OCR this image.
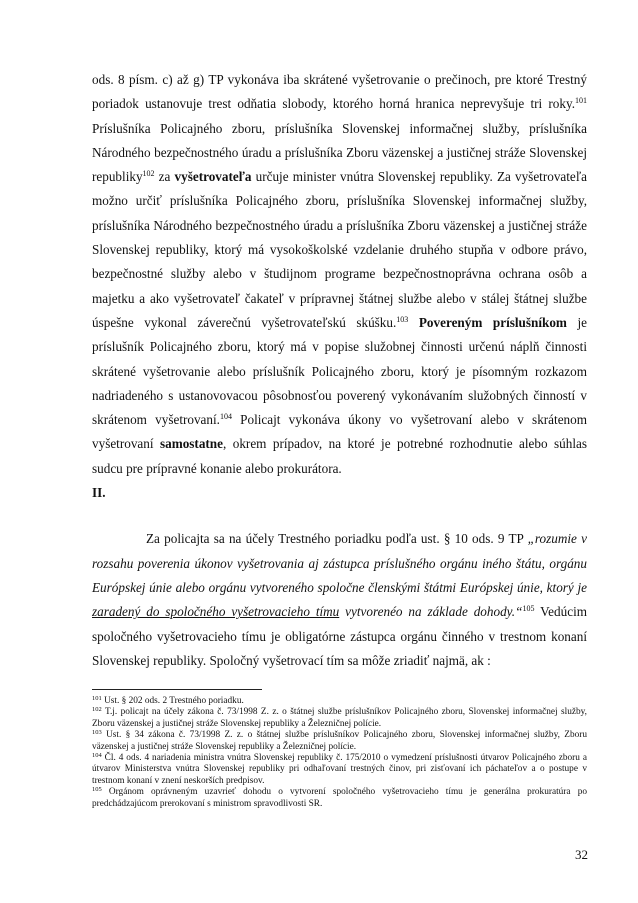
ods. 8 písm. c) až g) TP vykonáva iba skrátené vyšetrovanie o prečinoch, pre ktoré Trestný poriadok ustanovuje trest odňatia slobody, ktorého horná hranica neprevyšuje tri roky.$^{101}$ Príslušníka Policajného zboru, príslušníka Slovenskej informačnej služby, príslušníka Národného bezpečnostného úradu a príslušníka Zboru väzenskej a justičnej stráže Slovenskej republiky$^{102}$ za vyšetrovateľa určuje minister vnútra Slovenskej republiky. Za vyšetrovateľa možno určiť príslušníka Policajného zboru, príslušníka Slovenskej informačnej služby, príslušníka Národného bezpečnostného úradu a príslušníka Zboru väzenskej a justičnej stráže Slovenskej republiky, ktorý má vysokoškolské vzdelanie druhého stupňa v odbore právo, bezpečnostné služby alebo v študijnom programe bezpečnostnoprávna ochrana osôb a majetku a ako vyšetrovateľ čakateľ v prípravnej štátnej službe alebo v stálej štátnej službe úspešne vykonal záverečnú vyšetrovateľskú skúšku.$^{103}$ Povereným príslušníkom je príslušník Policajného zboru, ktorý má v popise služobnej činnosti určenú náplň činnosti skrátené vyšetrovanie alebo príslušník Policajného zboru, ktorý je písomným rozkazom nadriadeného s ustanovovacou pôsobnosťou poverený vykonávaním služobných činností v skrátenom vyšetrovaní.$^{104}$ Policajt vykonáva úkony vo vyšetrovaní alebo v skrátenom vyšetrovaní samostatne, okrem prípadov, na ktoré je potrebné rozhodnutie alebo súhlas sudcu pre prípravné konanie alebo prokurátora.

II.

Za policajta sa na účely Trestného poriadku podľa ust. § 10 ods. 9 TP „rozumie v rozsahu poverenia úkonov vyšetrovania aj zástupca príslušného orgánu iného štátu, orgánu Európskej únie alebo orgánu vytvoreného spoločne členskými štátmi Európskej únie, ktorý je zaradený do spoločného vyšetrovacieho tímu vytvorenéo na základe dohody.“$^{105}$ Vedúcim spoločného vyšetrovacieho tímu je obligatórne zástupca orgánu činného v trestnom konaní Slovenskej republiky. Spoločný vyšetrovací tím sa môže zriadiť najmä, ak :

$^{101}$ Ust. § 202 ods. 2 Trestného poriadku.

$^{102}$ T.j. policajt na účely zákona č. 73/1998 Z. z. o štátnej službe príslušníkov Policajného zboru, Slovenskej informačnej služby, Zboru väzenskej a justičnej stráže Slovenskej republiky a Železničnej polície.

$^{103}$ Ust. § 34 zákona č. 73/1998 Z. z. o štátnej službe príslušníkov Policajného zboru, Slovenskej informačnej služby, Zboru väzenskej a justičnej stráže Slovenskej republiky a Železničnej polície.

$^{104}$ Čl. 4 ods. 4 nariadenia ministra vnútra Slovenskej republiky č. 175/2010 o vymedzení príslušnosti útvarov Policajného zboru a útvarov Ministerstva vnútra Slovenskej republiky pri odhaľovaní trestných činov, pri zisťovaní ich páchateľov a o postupe v trestnom konaní v znení neskorších predpisov.

$^{105}$ Orgánom oprávneným uzavrieť dohodu o vytvorení spoločného vyšetrovacieho tímu je generálna prokuratúra po predchádzajúcom prerokovaní s ministrom spravodlivosti SR.

32
